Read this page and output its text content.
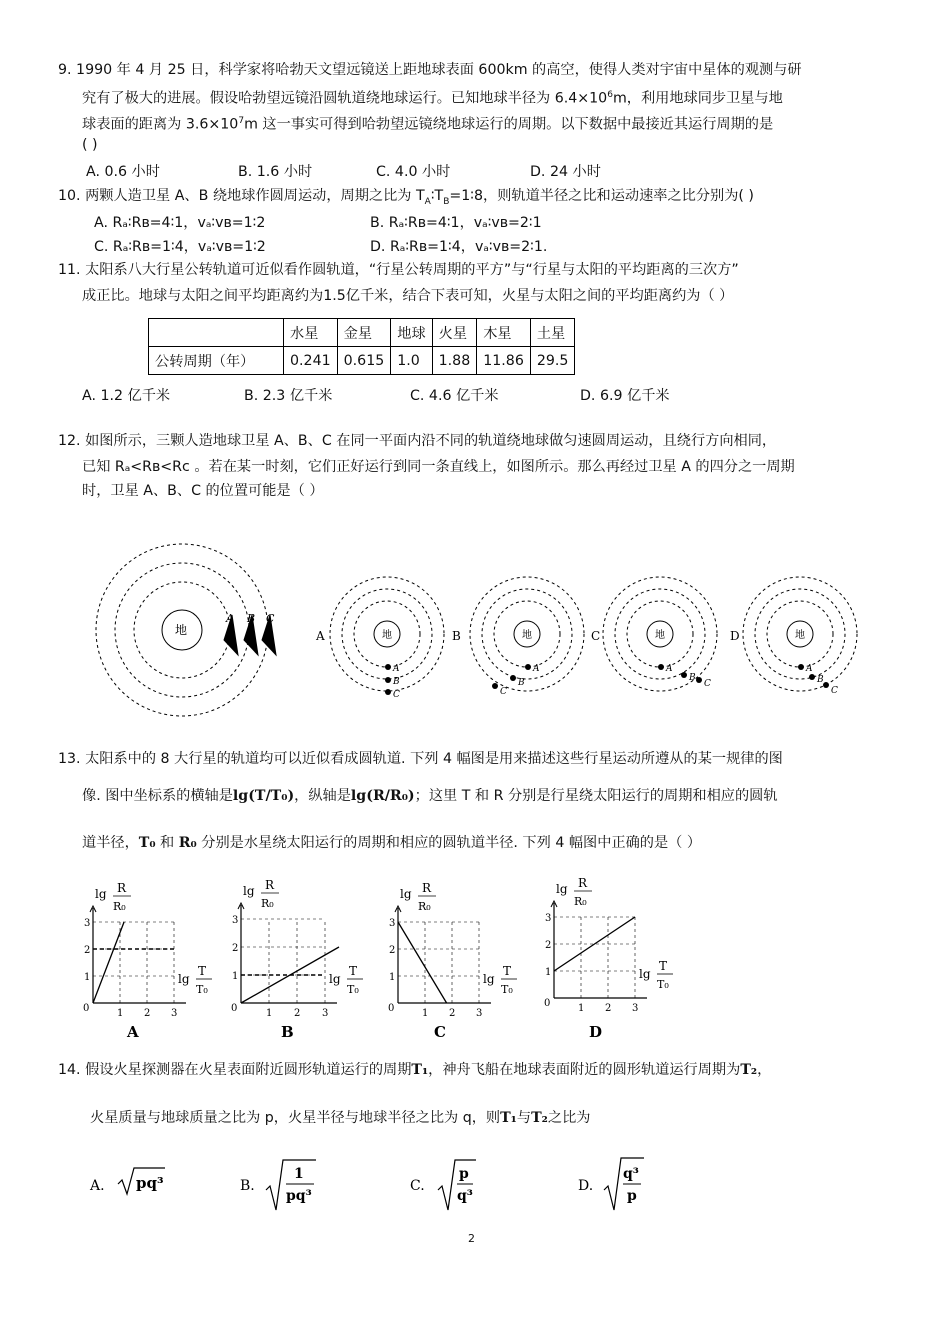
9. 1990 年 4 月 25 日，科学家将哈勃天文望远镜送上距地球表面 600km 的高空，使得人类对宇宙中星体的观测与研
究有了极大的进展。假设哈勃望远镜沿圆轨道绕地球运行。已知地球半径为 $6.4\times 10^6m$，利用地球同步卫星与地
球表面的距离为 $3.6\times 10^7m$ 这一事实可得到哈勃望远镜绕地球运行的周期。以下数据中最接近其运行周期的是
( )
A. 0.6 小时	B. 1.6 小时	C. 4.0 小时	D. 24 小时
10. 两颗人造卫星 A、B 绕地球作圆周运动，周期之比为 $T_A∶T_B=1∶8$，则轨道半径之比和运动速率之比分别为( )
A. Rₐ∶Rʙ=4∶1，vₐ∶vʙ=1∶2	B. Rₐ∶Rʙ=4∶1，vₐ∶vʙ=2∶1
C. Rₐ∶Rʙ=1∶4，vₐ∶vʙ=1∶2	D. Rₐ∶Rʙ=1∶4，vₐ∶vʙ=2∶1.
11. 太阳系八大行星公转轨道可近似看作圆轨道，“行星公转周期的平方”与“行星与太阳的平均距离的三次方”
成正比。地球与太阳之间平均距离约为1.5亿千米，结合下表可知，火星与太阳之间的平均距离约为（ ）
	水星	金星	地球	火星	木星	土星
公转周期（年）	0.241	0.615	1.0	1.88	11.86	29.5
A. 1.2 亿千米	B. 2.3 亿千米	C. 4.6 亿千米	D. 6.9 亿千米
12. 如图所示，三颗人造地球卫星 A、B、C 在同一平面内沿不同的轨道绕地球做匀速圆周运动，且绕行方向相同，
已知 Rₐ<Rʙ<Rᴄ 。若在某一时刻，它们正好运行到同一条直线上，如图所示。那么再经过卫星 A 的四分之一周期
时，卫星 A、B、C 的位置可能是（ ）
地
A B C
地
A
A
B
C
地
B
A
B
C
地
C
A
B
C
地
D
A
B
C
13. 太阳系中的 8 大行星的轨道均可以近似看成圆轨道. 下列 4 幅图是用来描述这些行星运动所遵从的某一规律的图
像. 图中坐标系的横轴是lg(T/T₀)，纵轴是lg(R/R₀)；这里 T 和 R 分别是行星绕太阳运行的周期和相应的圆轨
道半径，T₀ 和 R₀ 分别是水星绕太阳运行的周期和相应的圆轨道半径. 下列 4 幅图中正确的是（ ）
0	1
1
2
2
3
3
lg R
R₀
lg
T
T₀
A
0	1
1
2
2
3
3
lg R
R₀
lg
T
T₀
B
0	1
1
2
2
3
3
lg R
R₀
lg
T
T₀
C
0	1
1
2
2
3
3
lg R
R₀
lg
T
T₀
D
14. 假设火星探测器在火星表面附近圆形轨道运行的周期T₁，神舟飞船在地球表面附近的圆形轨道运行周期为T₂，
火星质量与地球质量之比为 p，火星半径与地球半径之比为 q，则T₁与T₂之比为
A. pq³	B.
1
pq³
C.
p
q³
D.
q³
p
2
